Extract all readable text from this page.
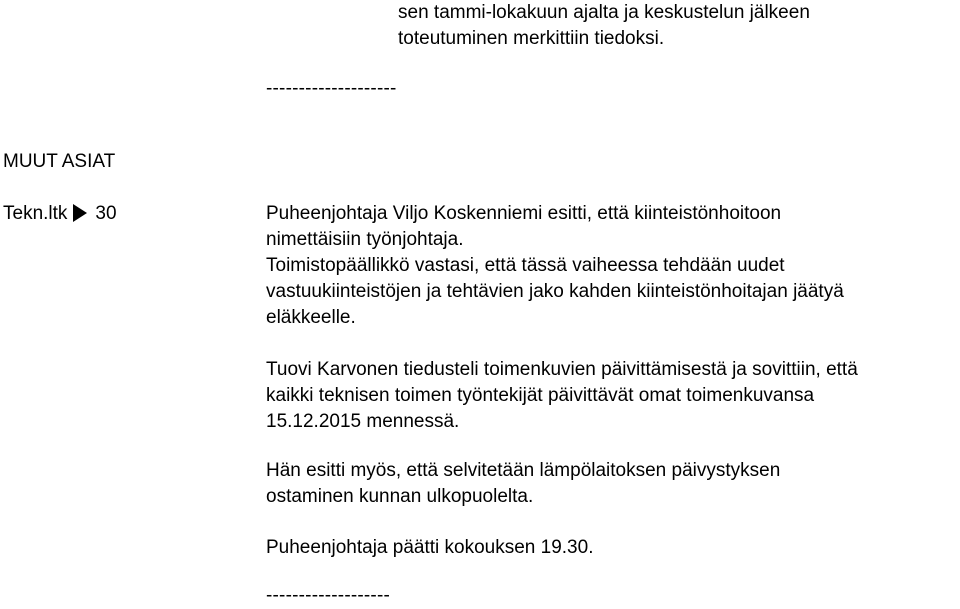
sen tammi-lokakuun ajalta ja keskustelun jälkeen
toteutuminen merkittiin tiedoksi.
--------------------
MUUT ASIAT
Tekn.ltk 30	Puheenjohtaja Viljo Koskenniemi esitti, että kiinteistönhoitoon
nimettäisiin työnjohtaja.
Toimistopäällikkö vastasi, että tässä vaiheessa tehdään uudet
vastuukiinteistöjen ja tehtävien jako kahden kiinteistönhoitajan jäätyä
eläkkeelle.
Tuovi Karvonen tiedusteli toimenkuvien päivittämisestä ja sovittiin, että
kaikki teknisen toimen työntekijät päivittävät omat toimenkuvansa
15.12.2015 mennessä.
Hän esitti myös, että selvitetään lämpölaitoksen päivystyksen
ostaminen kunnan ulkopuolelta.
Puheenjohtaja päätti kokouksen 19.30.
-------------------
